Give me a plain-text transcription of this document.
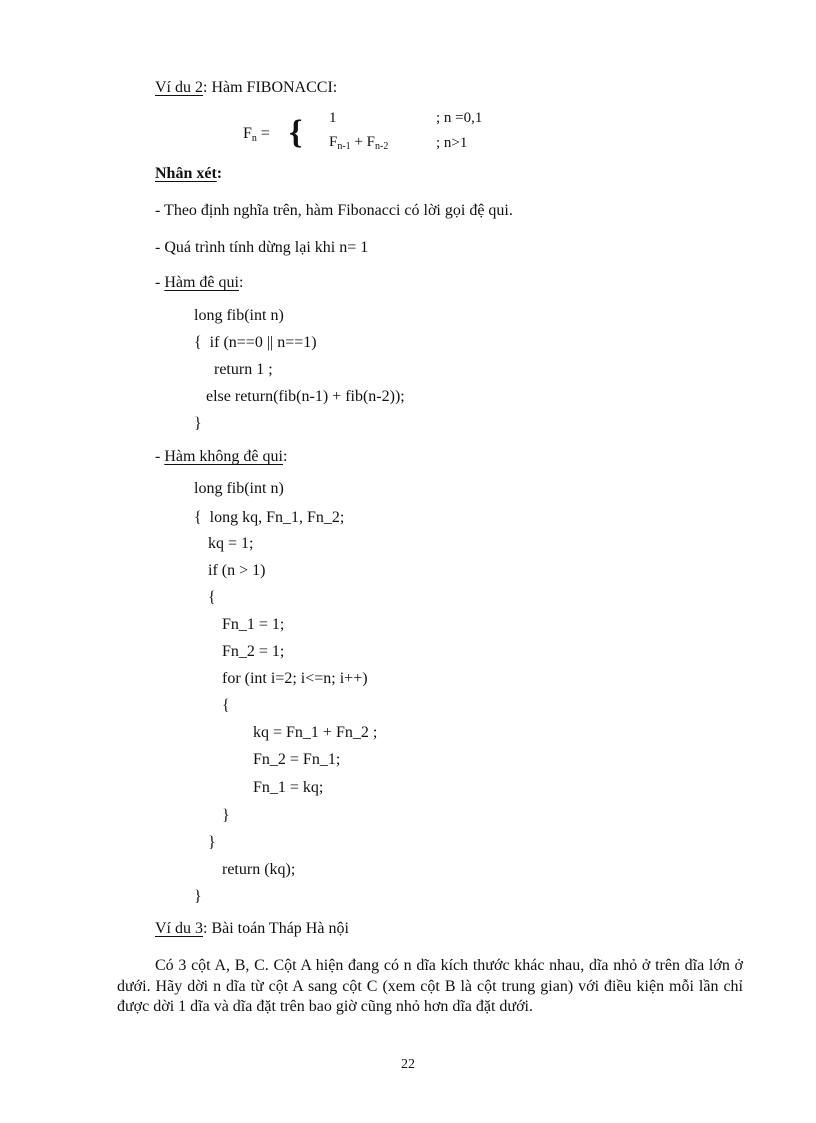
Ví du 2: Hàm FIBONACCI:
$F_n$ = { 1	; n =0,1
$F_{n-1} + F_{n-2}$	; n>1
Nhân xét:
- Theo định nghĩa trên, hàm Fibonacci có lời gọi đệ qui.
- Quá trình tính dừng lại khi n= 1
- Hàm đê qui:
long fib(int n)
{  if (n==0 || n==1)
return 1 ;
else return(fib(n-1) + fib(n-2));
}
- Hàm không đê qui:
long fib(int n)
{  long kq, Fn_1, Fn_2;
kq = 1;
if (n > 1)
{
Fn_1 = 1;
Fn_2 = 1;
for (int i=2; i<=n; i++)
{
kq = Fn_1 + Fn_2 ;
Fn_2 = Fn_1;
Fn_1 = kq;
}
}
return (kq);
}
Ví du 3: Bài toán Tháp Hà nội
Có 3 cột A, B, C. Cột A hiện đang có n dĩa kích thước khác nhau, dĩa nhỏ ở trên dĩa lớn ở dưới. Hãy dời n dĩa từ cột A sang cột C (xem cột B là cột trung gian) với điều kiện mỗi lần chỉ được dời 1 dĩa và dĩa đặt trên bao giờ cũng nhỏ hơn dĩa đặt dưới.
22
